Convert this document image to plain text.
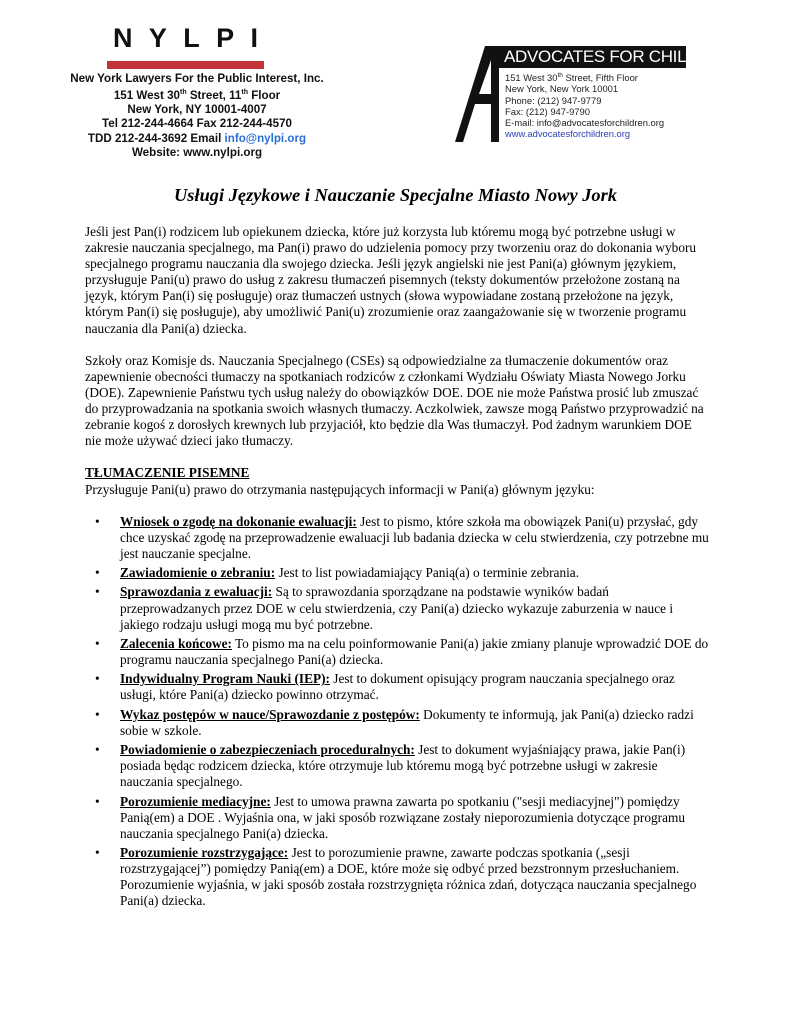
N Y L P I
New York Lawyers For the Public Interest, Inc.
151 West 30th Street, 11th Floor
New York, NY 10001-4007
Tel 212-244-4664 Fax 212-244-4570
TDD 212-244-3692 Email info@nylpi.org
Website: www.nylpi.org
ADVOCATES FOR CHILDREN
151 West 30th Street, Fifth Floor
New York, New York 10001
Phone: (212) 947-9779
Fax: (212) 947-9790
E-mail: info@advocatesforchildren.org
www.advocatesforchildren.org
Usługi Językowe i Nauczanie Specjalne Miasto Nowy Jork

Jeśli jest Pan(i) rodzicem lub opiekunem dziecka, które już korzysta lub któremu mogą być potrzebne usługi w zakresie nauczania specjalnego, ma Pan(i) prawo do udzielenia pomocy przy tworzeniu oraz do dokonania wyboru specjalnego programu nauczania dla swojego dziecka. Jeśli język angielski nie jest Pani(a) głównym językiem, przysługuje Pani(u) prawo do usług z zakresu tłumaczeń pisemnych (teksty dokumentów przełożone zostaną na język, którym Pan(i) się posługuje) oraz tłumaczeń ustnych (słowa wypowiadane zostaną przełożone na język, którym Pan(i) się posługuje), aby umożliwić Pani(u) zrozumienie oraz zaangażowanie się w tworzenie programu nauczania dla Pani(a) dziecka.

Szkoły oraz Komisje ds. Nauczania Specjalnego (CSEs) są odpowiedzialne za tłumaczenie dokumentów oraz zapewnienie obecności tłumaczy na spotkaniach rodziców z członkami Wydziału Oświaty Miasta Nowego Jorku (DOE). Zapewnienie Państwu tych usług należy do obowiązków DOE. DOE nie może Państwa prosić lub zmuszać do przyprowadzania na spotkania swoich własnych tłumaczy. Aczkolwiek, zawsze mogą Państwo przyprowadzić na zebranie kogoś z dorosłych krewnych lub przyjaciół, kto będzie dla Was tłumaczył. Pod żadnym warunkiem DOE nie może używać dzieci jako tłumaczy.

TŁUMACZENIE PISEMNE

Przysługuje Pani(u) prawo do otrzymania następujących informacji w Pani(a) głównym języku:

• Wniosek o zgodę na dokonanie ewaluacji: Jest to pismo, które szkoła ma obowiązek Pani(u) przysłać, gdy chce uzyskać zgodę na przeprowadzenie ewaluacji lub badania dziecka w celu stwierdzenia, czy potrzebne mu jest nauczanie specjalne.
• Zawiadomienie o zebraniu: Jest to list powiadamiający Panią(a) o terminie zebrania.
• Sprawozdania z ewaluacji: Są to sprawozdania sporządzane na podstawie wyników badań przeprowadzanych przez DOE w celu stwierdzenia, czy Pani(a) dziecko wykazuje zaburzenia w nauce i jakiego rodzaju usługi mogą mu być potrzebne.
• Zalecenia końcowe: To pismo ma na celu poinformowanie Pani(a) jakie zmiany planuje wprowadzić DOE do programu nauczania specjalnego Pani(a) dziecka.
• Indywidualny Program Nauki (IEP): Jest to dokument opisujący program nauczania specjalnego oraz usługi, które Pani(a) dziecko powinno otrzymać.
• Wykaz postępów w nauce/Sprawozdanie z postępów: Dokumenty te informują, jak Pani(a) dziecko radzi sobie w szkole.
• Powiadomienie o zabezpieczeniach proceduralnych: Jest to dokument wyjaśniający prawa, jakie Pan(i) posiada będąc rodzicem dziecka, które otrzymuje lub któremu mogą być potrzebne usługi w zakresie nauczania specjalnego.
• Porozumienie mediacyjne: Jest to umowa prawna zawarta po spotkaniu ("sesji mediacyjnej") pomiędzy Panią(em) a DOE . Wyjaśnia ona, w jaki sposób rozwiązane zostały nieporozumienia dotyczące programu nauczania specjalnego Pani(a) dziecka.
• Porozumienie rozstrzygające: Jest to porozumienie prawne, zawarte podczas spotkania („sesji rozstrzygającej”) pomiędzy Panią(em) a DOE, które może się odbyć przed bezstronnym przesłuchaniem. Porozumienie wyjaśnia, w jaki sposób została rozstrzygnięta różnica zdań, dotycząca nauczania specjalnego Pani(a) dziecka.
